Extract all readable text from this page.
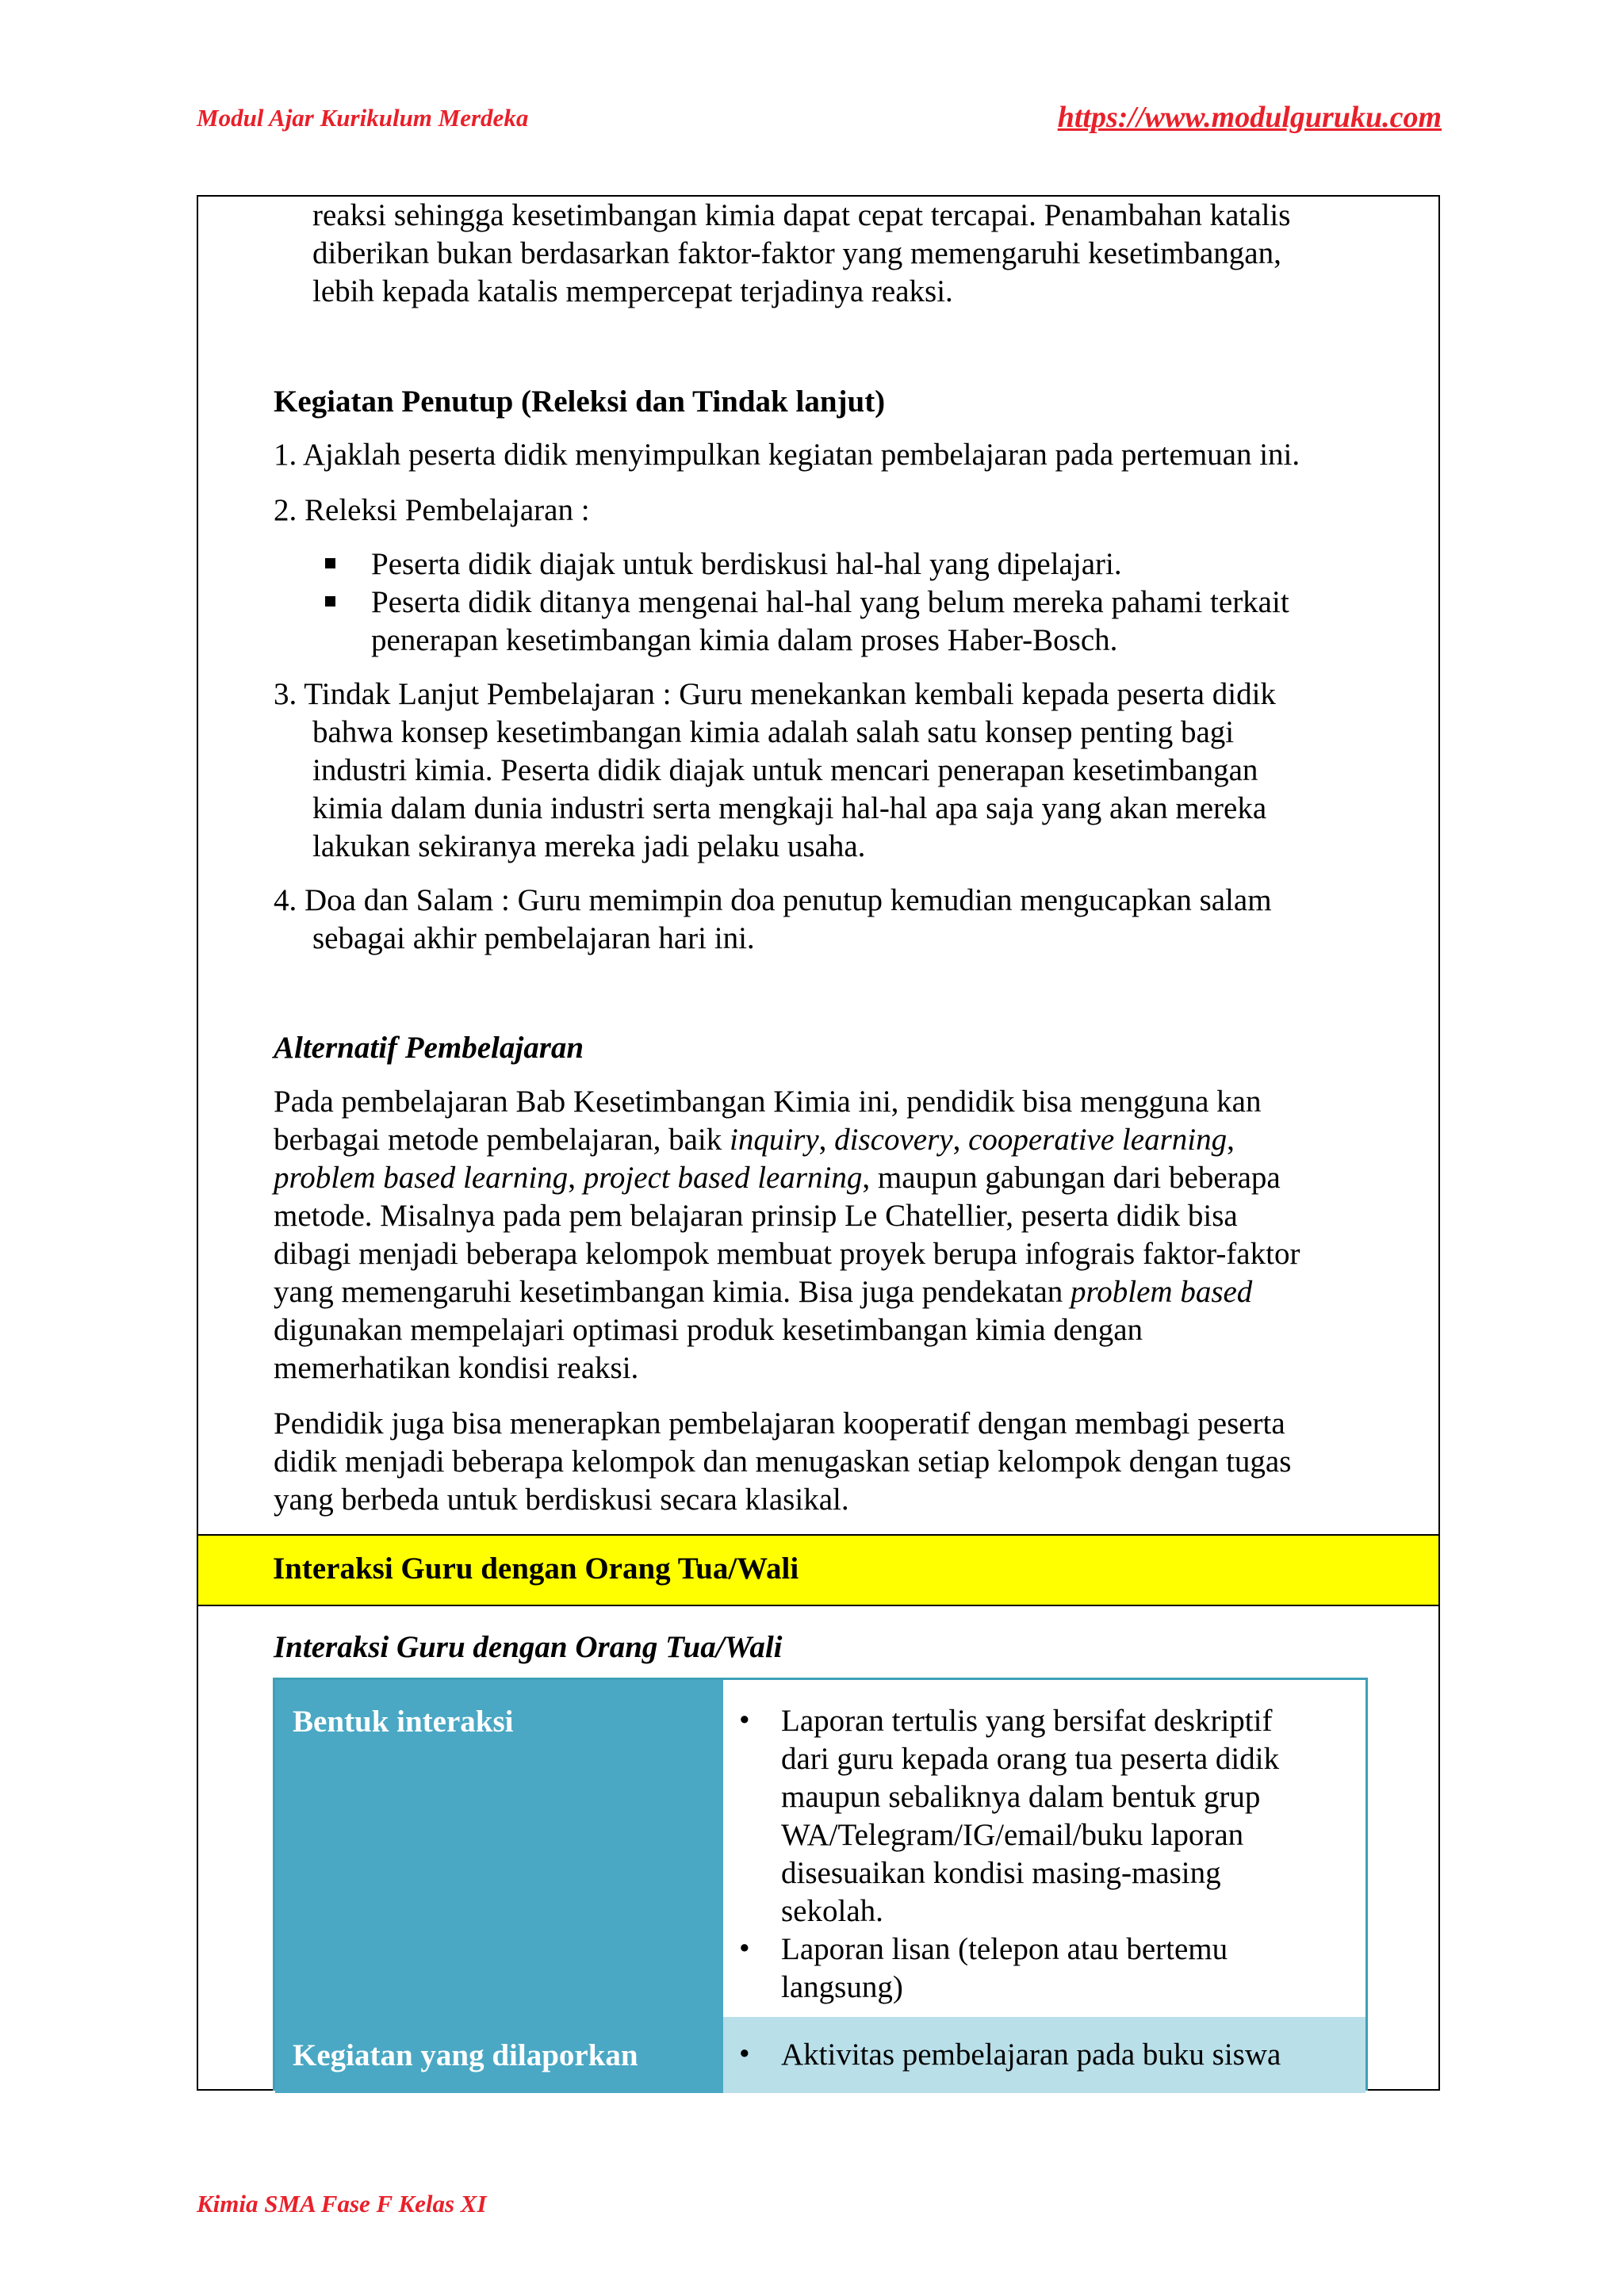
Modul Ajar Kurikulum Merdeka	https://www.modulguruku.com

reaksi sehingga kesetimbangan kimia dapat cepat tercapai. Penambahan katalis

diberikan bukan berdasarkan faktor-faktor yang memengaruhi kesetimbangan,

lebih kepada katalis mempercepat terjadinya reaksi.

Kegiatan Penutup (Releksi dan Tindak lanjut)

1. Ajaklah peserta didik menyimpulkan kegiatan pembelajaran pada pertemuan ini.

2. Releksi Pembelajaran :

Peserta didik diajak untuk berdiskusi hal-hal yang dipelajari.

Peserta didik ditanya mengenai hal-hal yang belum mereka pahami terkait

penerapan kesetimbangan kimia dalam proses Haber-Bosch.

3. Tindak Lanjut Pembelajaran : Guru menekankan kembali kepada peserta didik

bahwa konsep kesetimbangan kimia adalah salah satu konsep penting bagi

industri kimia. Peserta didik diajak untuk mencari penerapan kesetimbangan

kimia dalam dunia industri serta mengkaji hal-hal apa saja yang akan mereka

lakukan sekiranya mereka jadi pelaku usaha.

4. Doa dan Salam : Guru memimpin doa penutup kemudian mengucapkan salam

sebagai akhir pembelajaran hari ini.

Alternatif Pembelajaran

Pada pembelajaran Bab Kesetimbangan Kimia ini, pendidik bisa mengguna kan

berbagai metode pembelajaran, baik inquiry, discovery, cooperative learning,

problem based learning, project based learning, maupun gabungan dari beberapa

metode. Misalnya pada pem belajaran prinsip Le Chatellier, peserta didik bisa

dibagi menjadi beberapa kelompok membuat proyek berupa infograis faktor-faktor

yang memengaruhi kesetimbangan kimia. Bisa juga pendekatan problem based

digunakan mempelajari optimasi produk kesetimbangan kimia dengan

memerhatikan kondisi reaksi.

Pendidik juga bisa menerapkan pembelajaran kooperatif dengan membagi peserta

didik menjadi beberapa kelompok dan menugaskan setiap kelompok dengan tugas

yang berbeda untuk berdiskusi secara klasikal.

Interaksi Guru dengan Orang Tua/Wali

Interaksi Guru dengan Orang Tua/Wali

Bentuk interaksi	• Laporan tertulis yang bersifat deskriptif

dari guru kepada orang tua peserta didik

maupun sebaliknya dalam bentuk grup

WA/Telegram/IG/email/buku laporan

disesuaikan kondisi masing-masing

sekolah.

• Laporan lisan (telepon atau bertemu

langsung)

Kegiatan yang dilaporkan	• Aktivitas pembelajaran pada buku siswa

Kimia SMA Fase F Kelas XI
